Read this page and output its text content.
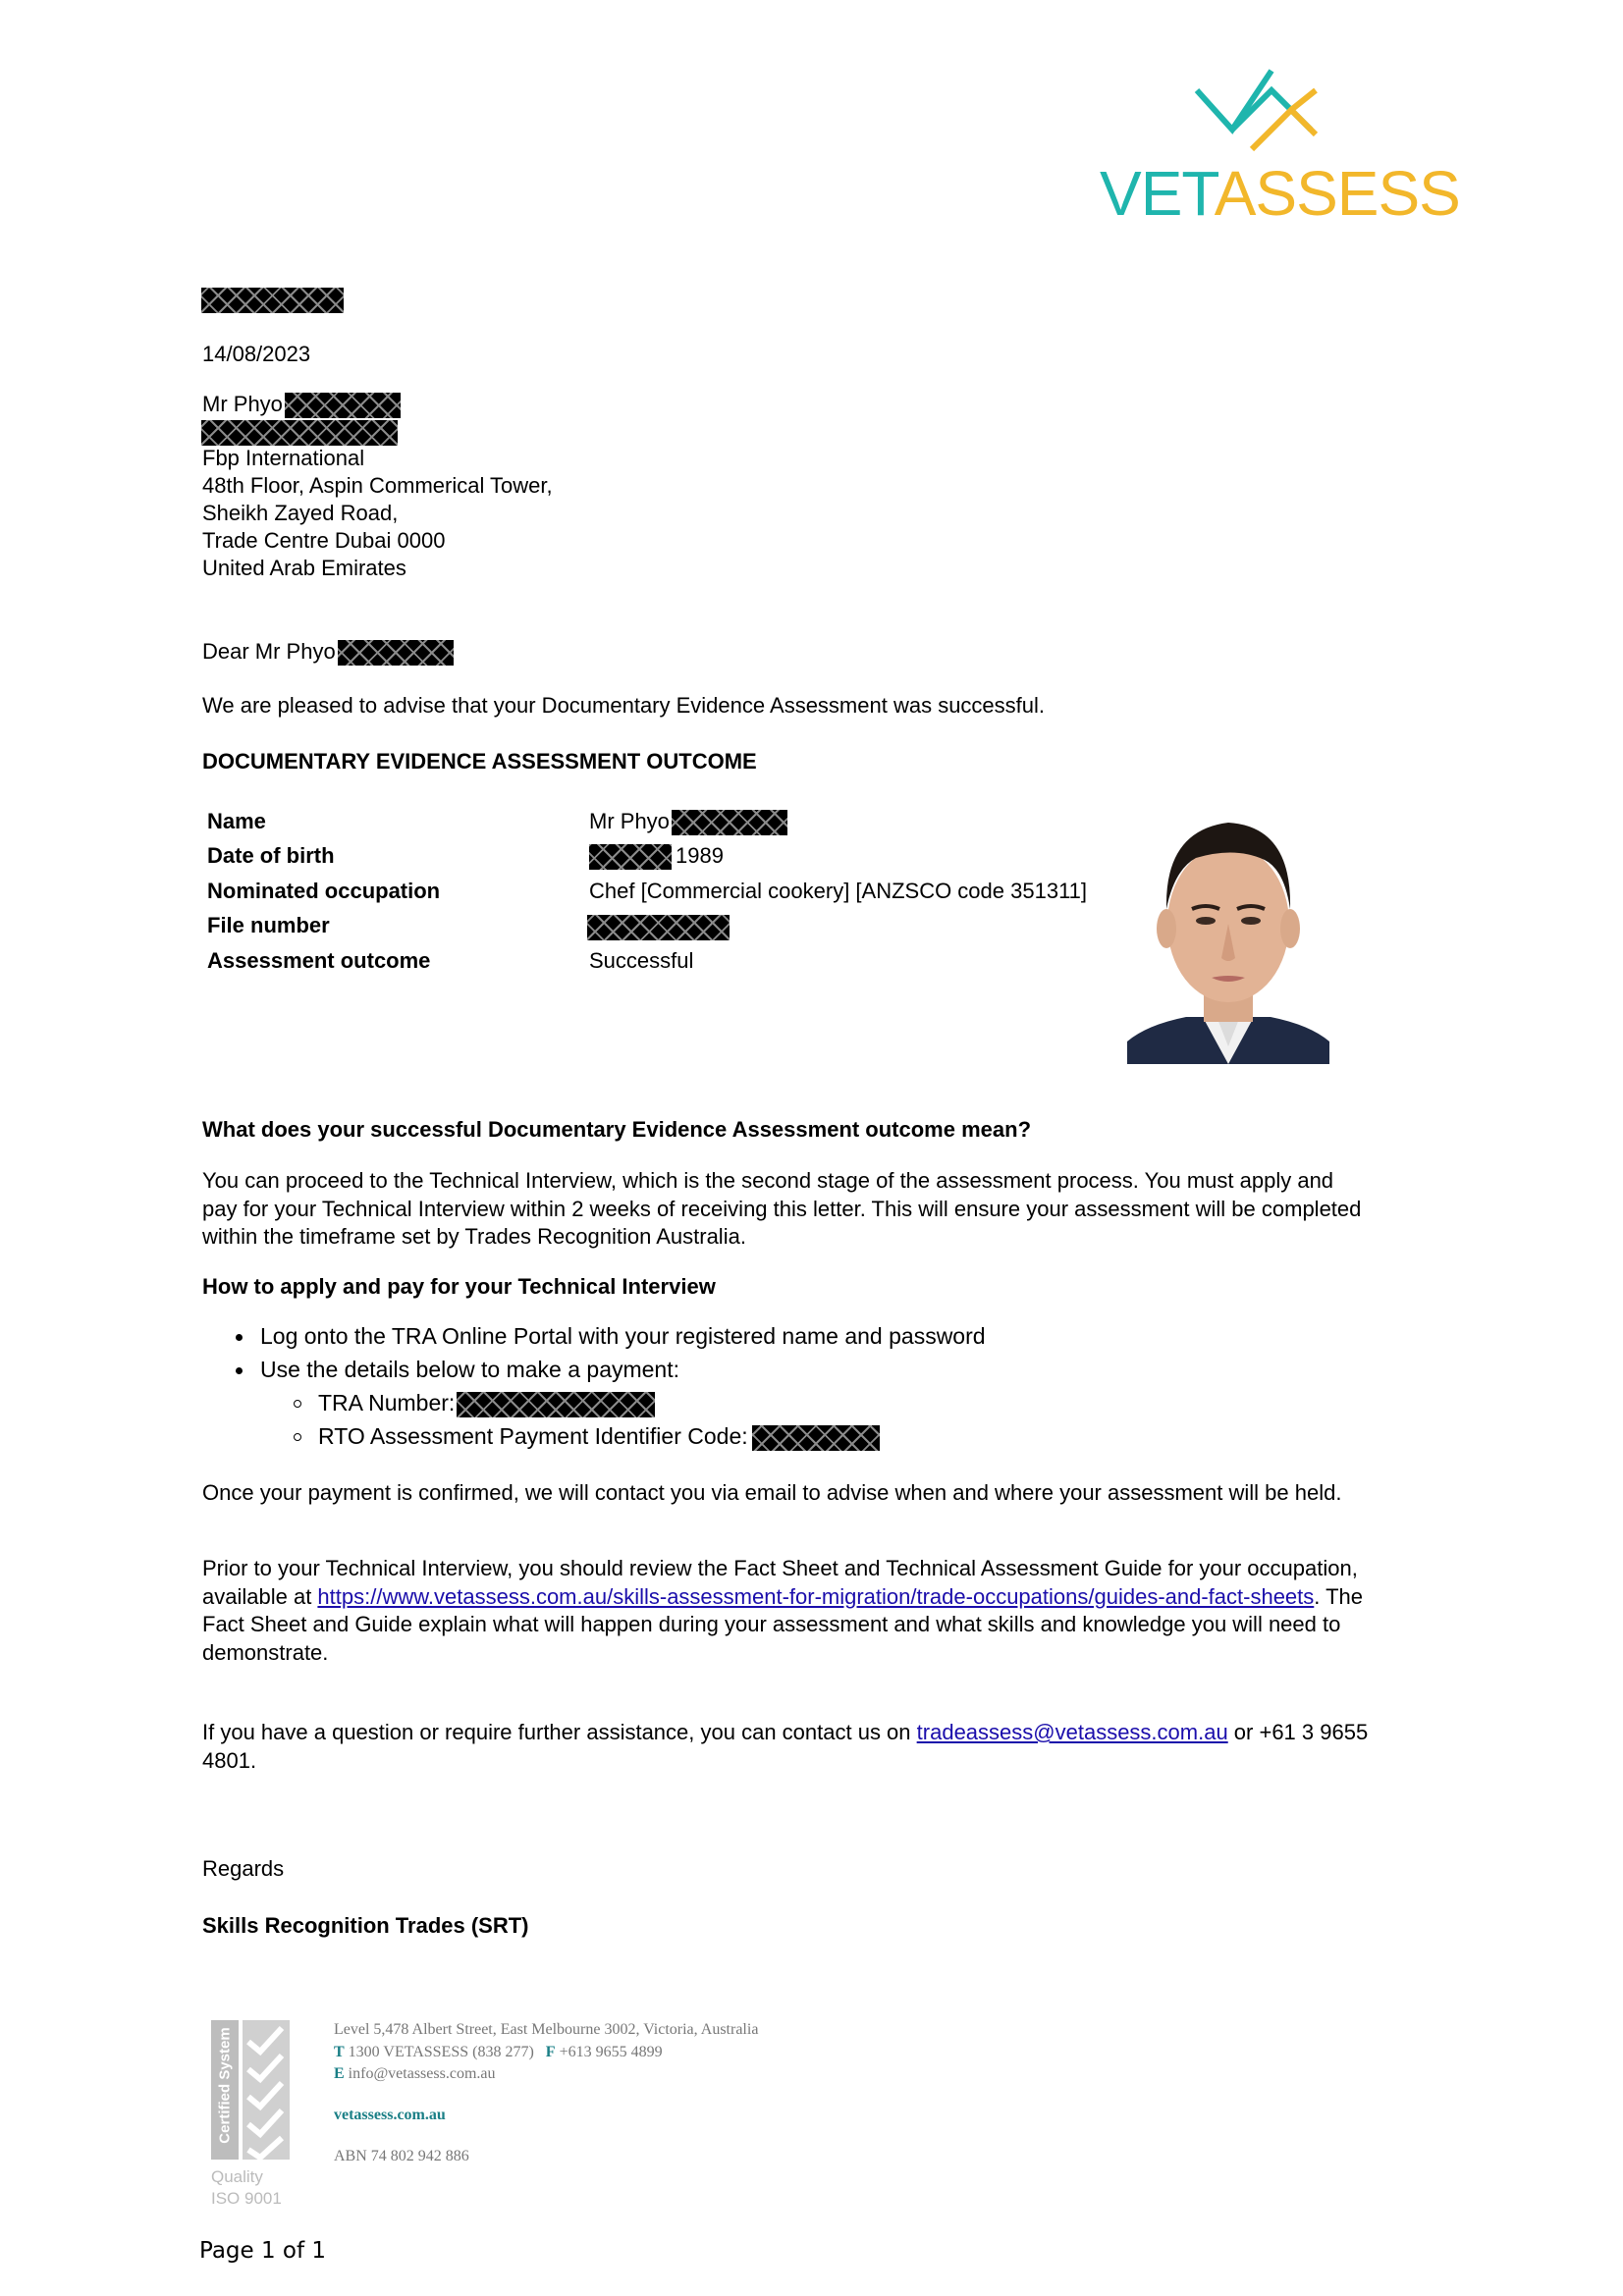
VETASSESS
14/08/2023
Mr Phyo
Fbp International
48th Floor, Aspin Commerical Tower,
Sheikh Zayed Road,
Trade Centre Dubai 0000
United Arab Emirates
Dear Mr Phyo
We are pleased to advise that your Documentary Evidence Assessment was successful.
DOCUMENTARY EVIDENCE ASSESSMENT OUTCOME
Name	Mr Phyo
Date of birth	1989
Nominated occupation	Chef [Commercial cookery] [ANZSCO code 351311]
File number
Assessment outcome	Successful
What does your successful Documentary Evidence Assessment outcome mean?
You can proceed to the Technical Interview, which is the second stage of the assessment process. You must apply and pay for your Technical Interview within 2 weeks of receiving this letter. This will ensure your assessment will be completed within the timeframe set by Trades Recognition Australia.
How to apply and pay for your Technical Interview
Log onto the TRA Online Portal with your registered name and password
Use the details below to make a payment:
TRA Number:
RTO Assessment Payment Identifier Code:
Once your payment is confirmed, we will contact you via email to advise when and where your assessment will be held.
Prior to your Technical Interview, you should review the Fact Sheet and Technical Assessment Guide for your occupation, available at https://www.vetassess.com.au/skills-assessment-for-migration/trade-occupations/guides-and-fact-sheets. The Fact Sheet and Guide explain what will happen during your assessment and what skills and knowledge you will need to demonstrate.
If you have a question or require further assistance, you can contact us on tradeassess@vetassess.com.au or +61 3 9655 4801.
Regards
Skills Recognition Trades (SRT)
Certified System
Quality
ISO 9001
Level 5,478 Albert Street, East Melbourne 3002, Victoria, Australia
T 1300 VETASSESS (838 277) F +613 9655 4899
E info@vetassess.com.au
vetassess.com.au
ABN 74 802 942 886
Page 1 of 1
